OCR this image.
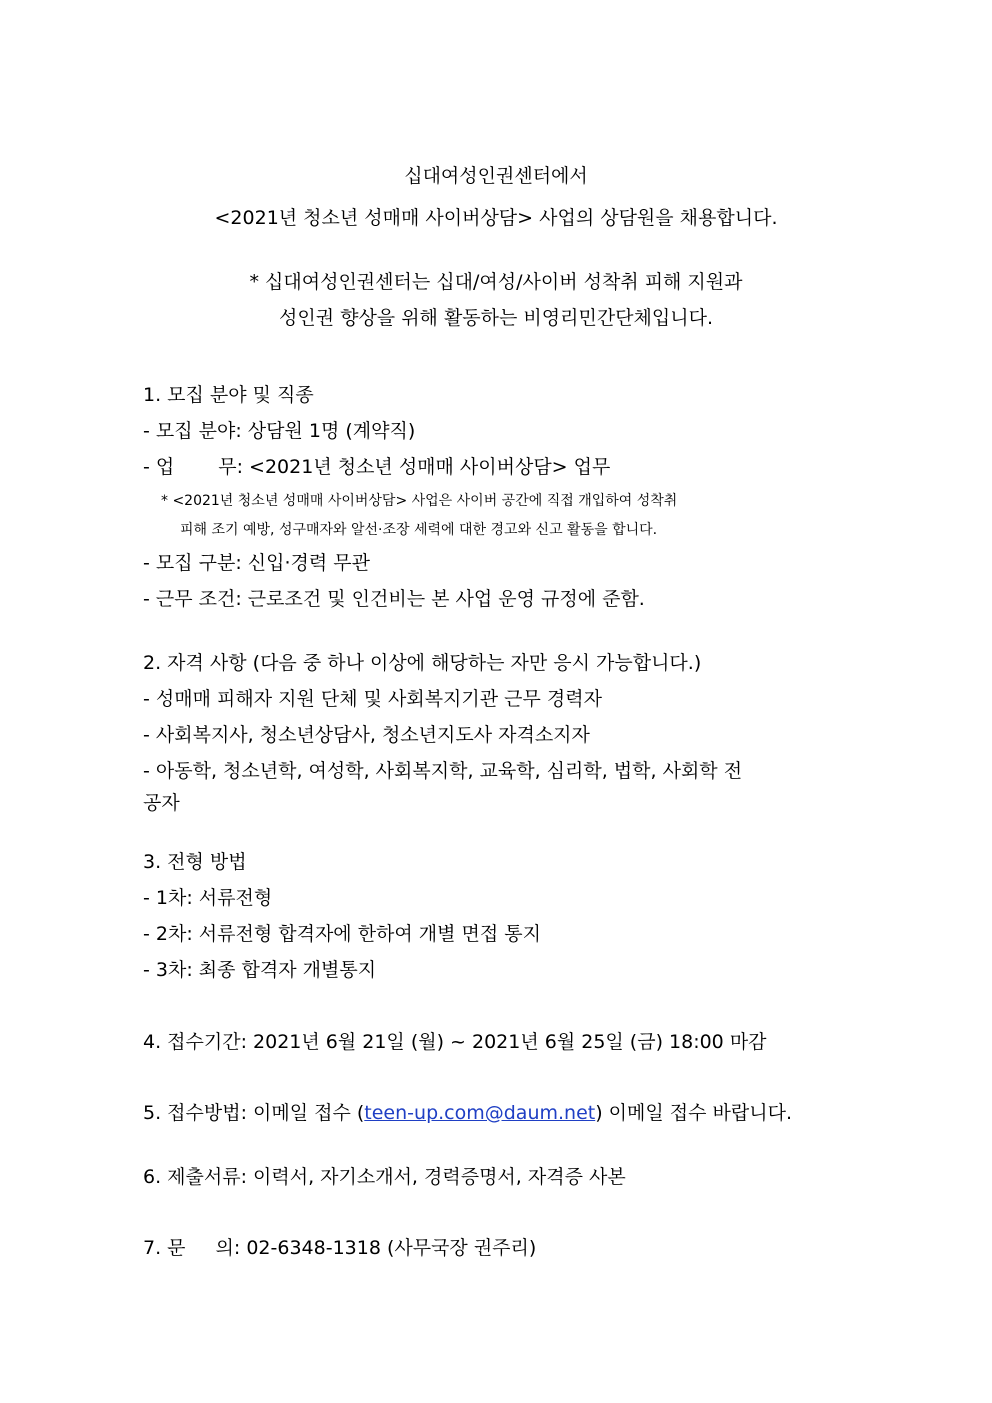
십대여성인권센터에서
<2021년 청소년 성매매 사이버상담> 사업의 상담원을 채용합니다.
* 십대여성인권센터는 십대/여성/사이버 성착취 피해 지원과
성인권 향상을 위해 활동하는 비영리민간단체입니다.
1. 모집 분야 및 직종
- 모집 분야: 상담원 1명 (계약직)
- 업 무: <2021년 청소년 성매매 사이버상담> 업무
* <2021년 청소년 성매매 사이버상담> 사업은 사이버 공간에 직접 개입하여 성착취
피해 조기 예방, 성구매자와 알선·조장 세력에 대한 경고와 신고 활동을 합니다.
- 모집 구분: 신입·경력 무관
- 근무 조건: 근로조건 및 인건비는 본 사업 운영 규정에 준함.
2. 자격 사항 (다음 중 하나 이상에 해당하는 자만 응시 가능합니다.)
- 성매매 피해자 지원 단체 및 사회복지기관 근무 경력자
- 사회복지사, 청소년상담사, 청소년지도사 자격소지자
- 아동학, 청소년학, 여성학, 사회복지학, 교육학, 심리학, 법학, 사회학 전
공자
3. 전형 방법
- 1차: 서류전형
- 2차: 서류전형 합격자에 한하여 개별 면접 통지
- 3차: 최종 합격자 개별통지
4. 접수기간: 2021년 6월 21일 (월) ~ 2021년 6월 25일 (금) 18:00 마감
5. 접수방법: 이메일 접수 (teen-up.com@daum.net) 이메일 접수 바랍니다.
6. 제출서류: 이력서, 자기소개서, 경력증명서, 자격증 사본
7. 문 의: 02-6348-1318 (사무국장 권주리)
